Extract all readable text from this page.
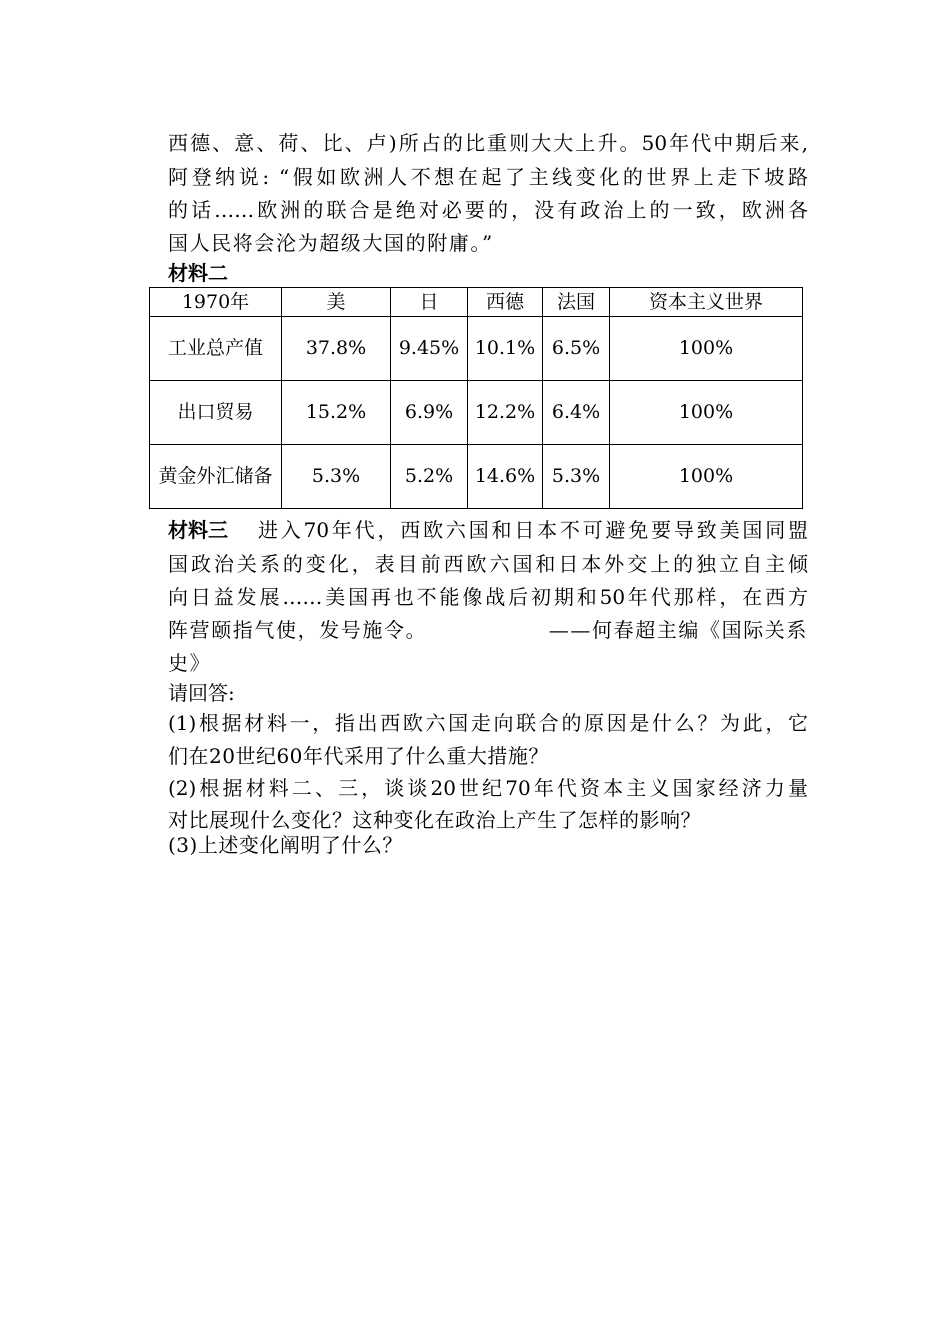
西德、意、荷、比、卢)所占的比重则大大上升。50年代中期后来,
阿登纳说: “假如欧洲人不想在起了主线变化的世界上走下坡路
的话……欧洲的联合是绝对必要的，没有政治上的一致，欧洲各
国人民将会沦为超级大国的附庸。”
材料二
1970年	美	日	西德	法国	资本主义世界
工业总产值	37.8%	9.45%	10.1%	6.5%	100%
出口贸易	15.2%	6.9%	12.2%	6.4%	100%
黄金外汇储备	5.3%	5.2%	14.6%	5.3%	100%
材料三 进入70年代，西欧六国和日本不可避免要导致美国同盟
国政治关系的变化，表目前西欧六国和日本外交上的独立自主倾
向日益发展……美国再也不能像战后初期和50年代那样，在西方
阵营颐指气使，发号施令。	——何春超主编《国际关系
史》
请回答:
(1)根据材料一，指出西欧六国走向联合的原因是什么？为此，它
们在20世纪60年代采用了什么重大措施？
(2)根据材料二、三，谈谈20世纪70年代资本主义国家经济力量
对比展现什么变化？这种变化在政治上产生了怎样的影响？
(3)上述变化阐明了什么？
